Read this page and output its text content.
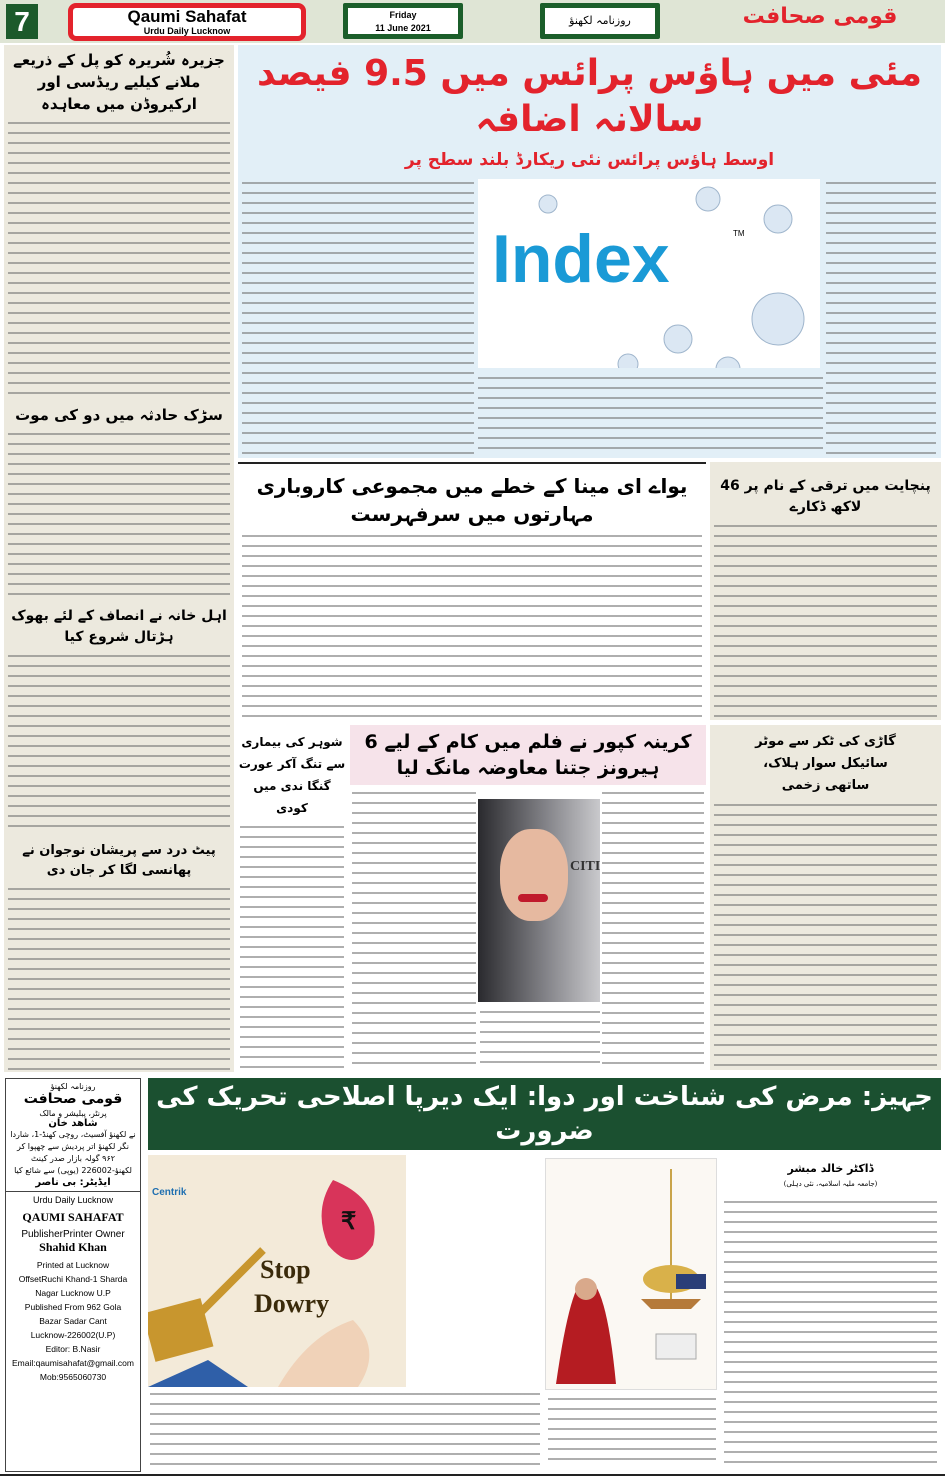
7	Qaumi Sahafat
Urdu Daily Lucknow
Friday
11 June 2021
روزنامہ لکھنؤ	قومی صحافت
جزیرہ شُریرہ کو پل کے ذریعے ملانے کیلیے ریڈسی اور ارکیروڈن میں معاہدہ
سڑک حادثہ میں دو کی موت
اہل خانہ نے انصاف کے لئے بھوک ہڑتال شروع کیا
پیٹ درد سے پریشان نوجوان نے پھانسی لگا کر جان دی
مئی میں ہاؤس پرائس میں 9.5 فیصد سالانہ اضافہ
اوسط ہاؤس پرائس نئی ریکارڈ بلند سطح پر
Index	TM
یواے ای مینا کے خطے میں مجموعی کاروباری مہارتوں میں سرفہرست
پنچایت میں ترقی کے نام پر 46 لاکھ ڈکارے
شوہر کی بیماری سے تنگ آکر عورت گنگا ندی میں کودی
کرینہ کپور نے فلم میں کام کے لیے 6 ہیرونز جتنا معاوضہ مانگ لیا
CITI
گاڑی کی ٹکر سے موٹر سائیکل سوار ہلاک، ساتھی زخمی
روزنامہ لکھنؤ
قومی صحافت
پرنٹر، پبلیشر و مالک
شاھد خان
نے لکھنؤ آفسیٹ، روچی کھنڈ-1، شاردا نگر لکھنؤ اتر پردیش سے چھپوا کر ۹۶۲ گولہ بازار صدر کینٹ لکھنؤ-226002 (یوپی) سے شائع کیا
ایڈیٹر: بی ناصر
Urdu Daily Lucknow
QAUMI SAHAFAT
PublisherPrinter Owner
Shahid Khan
Printed at Lucknow
OffsetRuchi Khand-1 Sharda
Nagar Lucknow U.P
Published From 962 Gola
Bazar Sadar Cant
Lucknow-226002(U.P)
Editor: B.Nasir
Email:qaumisahafat@gmail.com
Mob:9565060730
جہیز: مرض کی شناخت اور دوا: ایک دیرپا اصلاحی تحریک کی ضرورت
₹
Centrik
Stop
Dowry
ڈاکٹر خالد مبشر
(جامعہ ملیہ اسلامیہ، نئی دہلی)
